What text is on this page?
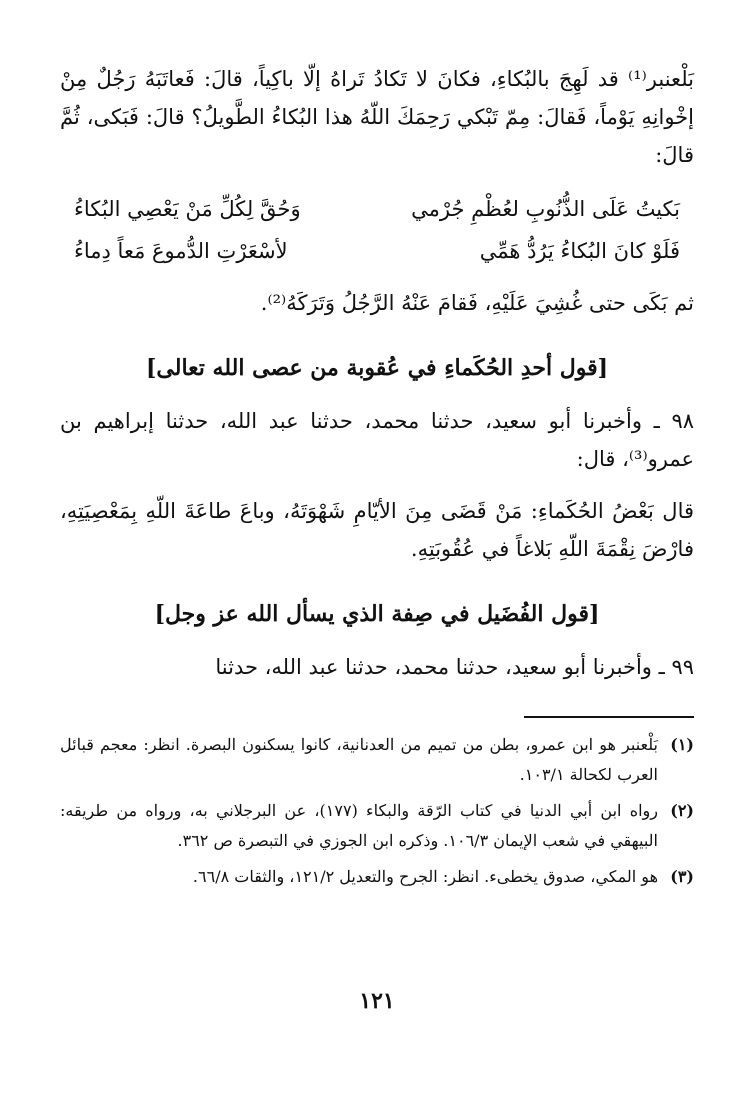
بَلْعنبر⁽¹⁾ قد لَهِجَ بالبُكاءِ، فكانَ لا تَكادُ تَراهُ إلّا باكِياً، قالَ: فَعاتَبَهُ رَجُلٌ مِنْ إخْوانِهِ يَوْماً، فَقالَ: مِمّ تَبْكي رَحِمَكَ اللّهُ هذا البُكاءُ الطَّويلُ؟ قالَ: فَبَكى، ثُمَّ قالَ:

بَكيتُ عَلَى الذُّنُوبِ لعُظْمِ جُرْمي
وَحُقَّ لِكُلِّ مَنْ يَعْصِي البُكاءُ
فَلَوْ كانَ البُكاءُ يَرُدُّ هَمِّي
لأسْعَرْتِ الدُّموعَ مَعاً دِماءُ

ثم بَكَى حتى غُشِيَ عَلَيْهِ، فَقامَ عَنْهُ الرَّجُلُ وَتَرَكَهُ⁽²⁾.

[قول أحدِ الحُكَماءِ في عُقوبة من عصى الله تعالى]

٩٨ ـ وأخبرنا أبو سعيد، حدثنا محمد، حدثنا عبد الله، حدثنا إبراهيم بن عمرو⁽³⁾، قال:

قال بَعْضُ الحُكَماءِ: مَنْ قَضَى مِنَ الأيّامِ شَهْوَتَهُ، وباعَ طاعَةَ اللّهِ بِمَعْصِيَتِهِ، فارْضَ نِقْمَةَ اللّهِ بَلاغاً في عُقُوبَتِهِ.

[قول الفُضَيل في صِفة الذي يسأل الله عز وجل]

٩٩ ـ وأخبرنا أبو سعيد، حدثنا محمد، حدثنا عبد الله، حدثنا

(١)
بَلْعنبر هو ابن عمرو، بطن من تميم من العدنانية، كانوا يسكنون البصرة. انظر: معجم قبائل العرب لكحالة ١٠٣/١.
(٢)
رواه ابن أبي الدنيا في كتاب الرّقة والبكاء (١٧٧)، عن البرجلاني به، ورواه من طريقه: البيهقي في شعب الإيمان ١٠٦/٣. وذكره ابن الجوزي في التبصرة ص ٣٦٢.
(٣)
هو المكي، صدوق يخطىء. انظر: الجرح والتعديل ١٢١/٢، والثقات ٦٦/٨.
١٢١
